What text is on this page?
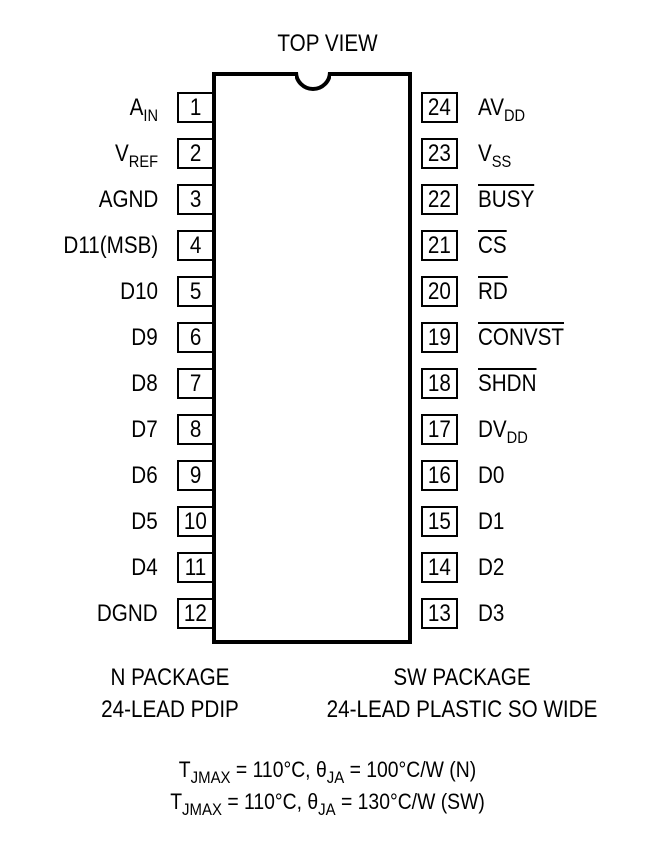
TOP VIEW
1
$A_{IN}$
2
$V_{REF}$
3
AGND
4
D11(MSB)
5
D10
6
D9
7
D8
8
D7
9
D6
10
D5
11
D4
12
DGND
24 $AV_{DD}$
23 $V_{SS}$
22 BUSY
21 $\overline{CS}$
20 $\overline{RD}$
19 CONVST
18 SHDN
17 $DV_{DD}$
16 D0
15 D1
14 D2
13 D3
N PACKAGE
24-LEAD PDIP
SW PACKAGE
24-LEAD PLASTIC SO WIDE
$T_{JMAX} = 110^\circ C$, $\theta_{JA} = 100^\circ C/W$ (N)
$T_{JMAX} = 110^\circ C$, $\theta_{JA} = 130^\circ C/W$ (SW)
